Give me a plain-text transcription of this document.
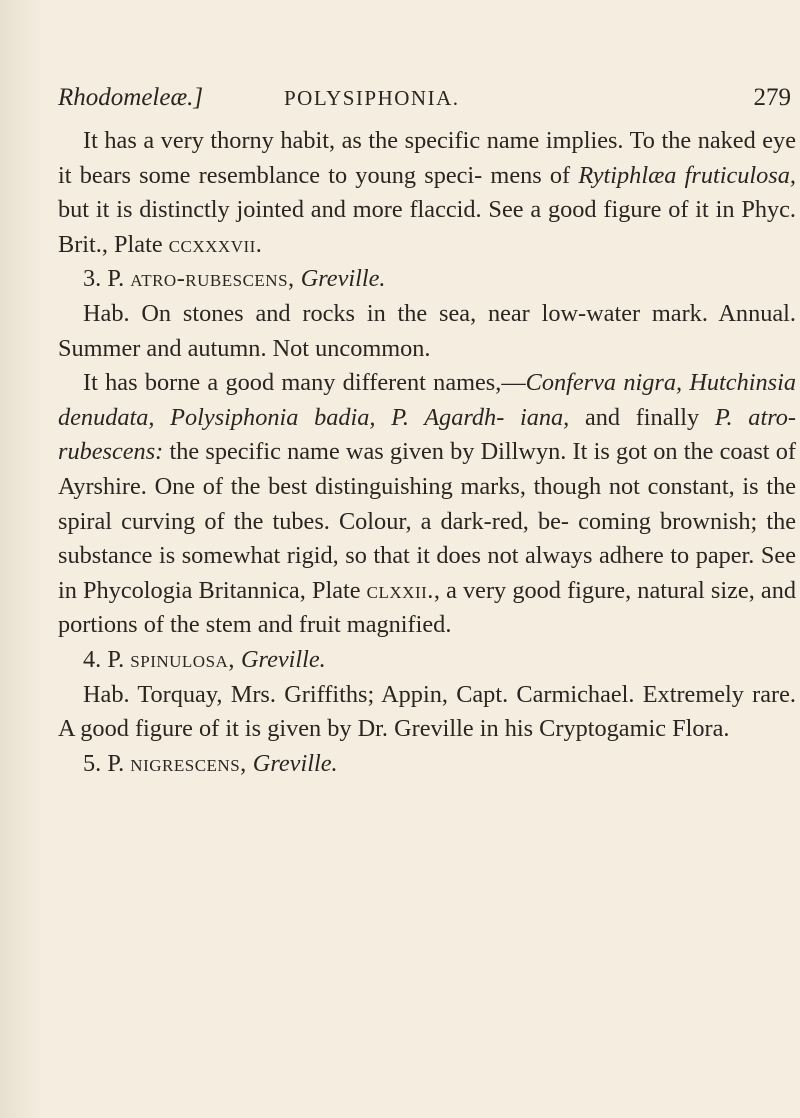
Rhodomeleæ.]	POLYSIPHONIA.	279

It has a very thorny habit, as the specific name implies. To the naked eye it bears some resemblance to young speci- mens of Rytiphlæa fruticulosa, but it is distinctly jointed and more flaccid. See a good figure of it in Phyc. Brit., Plate ccxxxvii.

3. P. atro-rubescens, Greville.

Hab. On stones and rocks in the sea, near low-water mark. Annual. Summer and autumn. Not uncommon.

It has borne a good many different names,—Conferva nigra, Hutchinsia denudata, Polysiphonia badia, P. Agardh- iana, and finally P. atro-rubescens: the specific name was given by Dillwyn. It is got on the coast of Ayrshire. One of the best distinguishing marks, though not constant, is the spiral curving of the tubes. Colour, a dark-red, be- coming brownish; the substance is somewhat rigid, so that it does not always adhere to paper. See in Phycologia Britannica, Plate clxxii., a very good figure, natural size, and portions of the stem and fruit magnified.

4. P. spinulosa, Greville.

Hab. Torquay, Mrs. Griffiths; Appin, Capt. Carmichael. Extremely rare. A good figure of it is given by Dr. Greville in his Cryptogamic Flora.

5. P. nigrescens, Greville.
